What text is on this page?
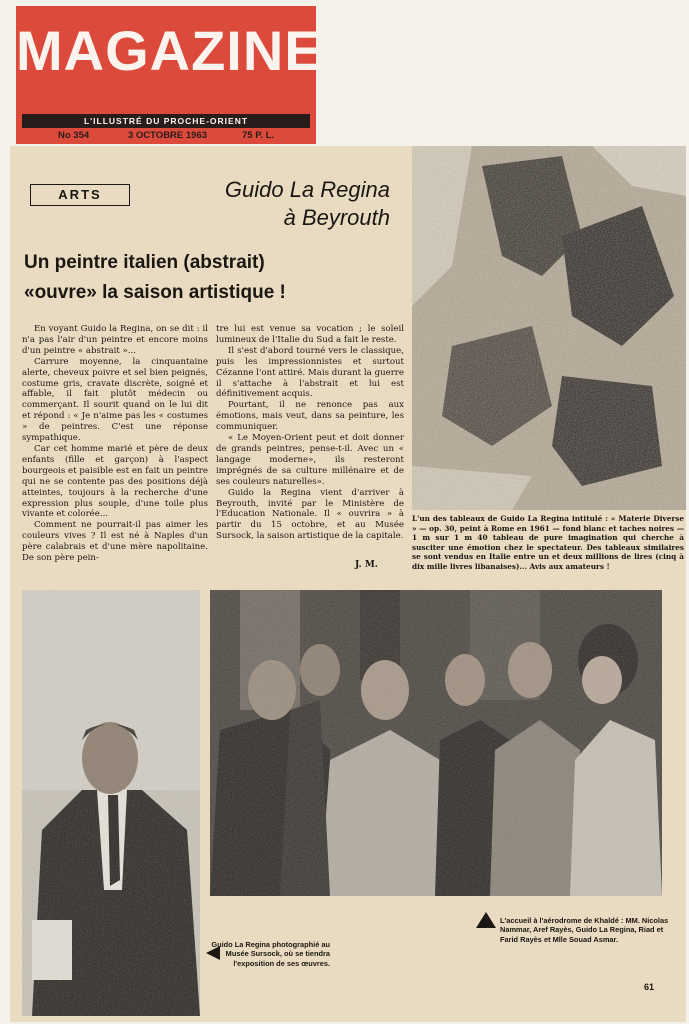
MAGAZINE
L'ILLUSTRÉ DU PROCHE-ORIENT
No 354	3 OCTOBRE 1963	75 P. L.
ARTS	Guido La Regina
à Beyrouth
Un peintre italien (abstrait)
«ouvre» la saison artistique !

En voyant Guido la Regina, on se dit : il n'a pas l'air d'un peintre et encore moins d'un peintre « abstrait »...

Carrure moyenne, la cinquantaine alerte, cheveux poivre et sel bien peignés, costume gris, cravate discrète, soigné et affable, il fait plutôt médecin ou commerçant. Il sourit quand on le lui dit et répond : « Je n'aime pas les « costumes » de peintres. C'est une réponse sympathique.

Car cet homme marié et père de deux enfants (fille et garçon) à l'aspect bourgeois et paisible est en fait un peintre qui ne se contente pas des positions déjà atteintes, toujours à la recherche d'une expression plus souple, d'une toile plus vivante et colorée...

Comment ne pourrait-il pas aimer les couleurs vives ? Il est né à Naples d'un père calabrais et d'une mère napolitaine. De son père pein-

tre lui est venue sa vocation ; le soleil lumineux de l'Italie du Sud a fait le reste.

Il s'est d'abord tourné vers le classique, puis les impressionnistes et surtout Cézanne l'ont attiré. Mais durant la guerre il s'attache à l'abstrait et lui est définitivement acquis.

Pourtant, il ne renonce pas aux émotions, mais veut, dans sa peinture, les communiquer.

« Le Moyen-Orient peut et doit donner de grands peintres, pense-t-il. Avec un « langage moderne», ils resteront imprégnés de sa culture millénaire et de ses couleurs naturelles».

Guido la Regina vient d'arriver à Beyrouth, invité par le Ministère de l'Education Nationale. Il « ouvrira » à partir du 15 octobre, et au Musée Sursock, la saison artistique de la capitale.

J. M.
L'un des tableaux de Guido La Regina intitulé : « Materie Diverse » — op. 30, peint à Rome en 1961 — fond blanc et taches noires — 1 m sur 1 m 40 tableau de pure imagination qui cherche à susciter une émotion chez le spectateur. Des tableaux similaires se sont vendus en Italie entre un et deux millions de lires (cinq à dix mille livres libanaises)... Avis aux amateurs !
Guido La Regina photographié au Musée Sursock, où se tiendra l'exposition de ses œuvres.
L'accueil à l'aérodrome de Khaldé : MM. Nicolas Nammar, Aref Rayès, Guido La Regina, Riad et Farid Rayès et Mlle Souad Asmar.
61
